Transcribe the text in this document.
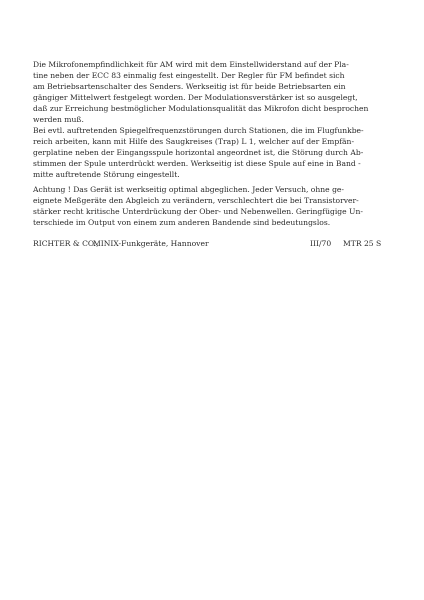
Die Mikrofonempfindlichkeit für AM wird mit dem Einstellwiderstand auf der Pla-
tine neben der ECC 83 einmalig fest eingestellt. Der Regler für FM befindet sich
am Betriebsartenschalter des Senders. Werkseitig ist für beide Betriebsarten ein
gängiger Mittelwert festgelegt worden. Der Modulationsverstärker ist so ausgelegt,
daß zur Erreichung bestmöglicher Modulationsqualität das Mikrofon dicht besprochen
werden muß.
Bei evtl. auftretenden Spiegelfrequenzstörungen durch Stationen, die im Flugfunkbe-
reich arbeiten, kann mit Hilfe des Saugkreises (Trap) L 1, welcher auf der Empfän-
gerplatine neben der Eingangsspule horizontal angeordnet ist, die Störung durch Ab-
stimmen der Spule unterdrückt werden. Werkseitig ist diese Spule auf eine in Band -
mitte auftretende Störung eingestellt.
Achtung ! Das Gerät ist werkseitig optimal abgeglichen. Jeder Versuch, ohne ge-
eignete Meßgeräte den Abgleich zu verändern, verschlechtert die bei Transistorver-
stärker recht kritische Unterdrückung der Ober- und Nebenwellen. Geringfügige Un-
terschiede im Output von einem zum anderen Bandende sind bedeutungslos.
RICHTER & CO.,
MINIX-Funkgeräte, Hannover	III/70 MTR 25 S
